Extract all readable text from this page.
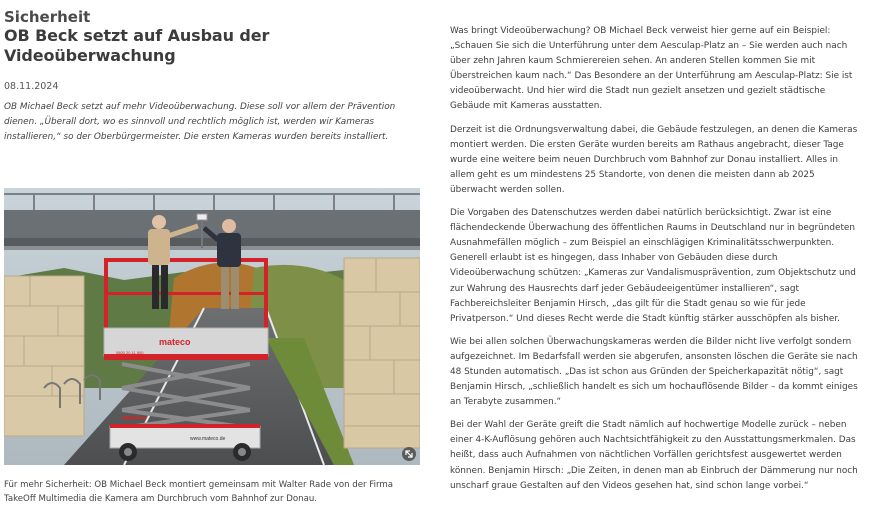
Sicherheit
OB Beck setzt auf Ausbau der Videoüberwachung
08.11.2024

OB Michael Beck setzt auf mehr Videoüberwachung. Diese soll vor allem der Prävention dienen. „Überall dort, wo es sinnvoll und rechtlich möglich ist, werden wir Kameras installieren,“ so der Oberbürgermeister. Die ersten Kameras wurden bereits installiert.

mateco
0800 20 11 600
www.mateco.de
mateco

Für mehr Sicherheit: OB Michael Beck montiert gemeinsam mit Walter Rade von der Firma TakeOff Multimedia die Kamera am Durchbruch vom Bahnhof zur Donau.

Was bringt Videoüberwachung? OB Michael Beck verweist hier gerne auf ein Beispiel: „Schauen Sie sich die Unterführung unter dem Aesculap-Platz an – Sie werden auch nach über zehn Jahren kaum Schmierereien sehen. An anderen Stellen kommen Sie mit Überstreichen kaum nach.“ Das Besondere an der Unterführung am Aesculap-Platz: Sie ist videoüberwacht. Und hier wird die Stadt nun gezielt ansetzen und gezielt städtische Gebäude mit Kameras ausstatten.

Derzeit ist die Ordnungsverwaltung dabei, die Gebäude festzulegen, an denen die Kameras montiert werden. Die ersten Geräte wurden bereits am Rathaus angebracht, dieser Tage wurde eine weitere beim neuen Durchbruch vom Bahnhof zur Donau installiert. Alles in allem geht es um mindestens 25 Standorte, von denen die meisten dann ab 2025 überwacht werden sollen.

Die Vorgaben des Datenschutzes werden dabei natürlich berücksichtigt. Zwar ist eine flächendeckende Überwachung des öffentlichen Raums in Deutschland nur in begründeten Ausnahmefällen möglich – zum Beispiel an einschlägigen Kriminalitätsschwerpunkten. Generell erlaubt ist es hingegen, dass Inhaber von Gebäuden diese durch Videoüberwachung schützen: „Kameras zur Vandalismusprävention, zum Objektschutz und zur Wahrung des Hausrechts darf jeder Gebäudeeigentümer installieren“, sagt Fachbereichsleiter Benjamin Hirsch, „das gilt für die Stadt genau so wie für jede Privatperson.“ Und dieses Recht werde die Stadt künftig stärker ausschöpfen als bisher.

Wie bei allen solchen Überwachungskameras werden die Bilder nicht live verfolgt sondern aufgezeichnet. Im Bedarfsfall werden sie abgerufen, ansonsten löschen die Geräte sie nach 48 Stunden automatisch. „Das ist schon aus Gründen der Speicherkapazität nötig“, sagt Benjamin Hirsch, „schließlich handelt es sich um hochauflösende Bilder – da kommt einiges an Terabyte zusammen.“

Bei der Wahl der Geräte greift die Stadt nämlich auf hochwertige Modelle zurück – neben einer 4-K-Auflösung gehören auch Nachtsichtfähigkeit zu den Ausstattungsmerkmalen. Das heißt, dass auch Aufnahmen von nächtlichen Vorfällen gerichtsfest ausgewertet werden können. Benjamin Hirsch: „Die Zeiten, in denen man ab Einbruch der Dämmerung nur noch unscharf graue Gestalten auf den Videos gesehen hat, sind schon lange vorbei.“
